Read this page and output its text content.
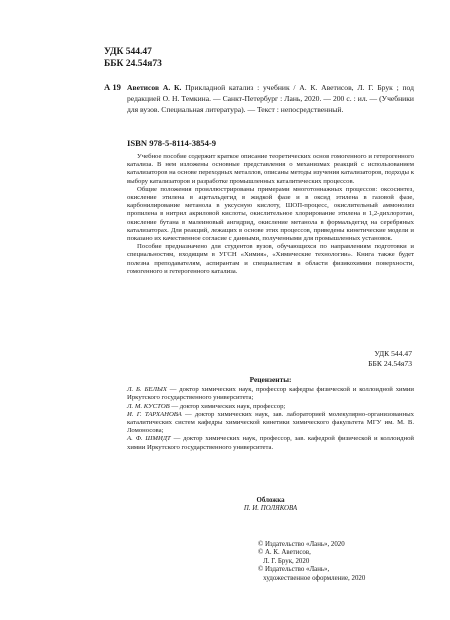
УДК 544.47
ББК 24.54я73
А 19 Аветисов А. К. Прикладной катализ : учебник / А. К. Аветисов, Л. Г. Брук ; под редакцией О. Н. Темкина. — Санкт-Петербург : Лань, 2020. — 200 с. : ил. — (Учебники для вузов. Специальная литература). — Текст : непосредственный.
ISBN 978-5-8114-3854-9

Учебное пособие содержит краткое описание теоретических основ гомогенного и гетерогенного катализа. В нем изложены основные представления о механизмах реакций с использованием катализаторов на основе переходных металлов, описаны методы изучения катализаторов, подходы к выбору катализаторов и разработке промышленных каталитических процессов.

Общие положения проиллюстрированы примерами многотоннажных процессов: оксосинтез, окисление этилена в ацетальдегид в жидкой фазе и в оксид этилена в газовой фазе, карбонилирование метанола в уксусную кислоту, ШОП-процесс, окислительный аммонолиз пропилена в нитрил акриловой кислоты, окислительное хлорирование этилена в 1,2-дихлорэтан, окисление бутана в малеиновый ангидрид, окисление метанола в формальдегид на серебряных катализаторах. Для реакций, лежащих в основе этих процессов, приведены кинетические модели и показано их качественное согласие с данными, полученными для промышленных установок.

Пособие предназначено для студентов вузов, обучающихся по направлениям подготовки и специальностям, входящим в УГСН «Химия», «Химические технологии». Книга также будет полезна преподавателям, аспирантам и специалистам в области физикохимии поверхности, гомогенного и гетерогенного катализа.

УДК 544.47
ББК 24.54я73
Рецензенты:

Л. Б. БЕЛЫХ — доктор химических наук, профессор кафедры физической и коллоидной химии Иркутского государственного университета;

Л. М. КУСТОВ — доктор химических наук, профессор;

И. Г. ТАРХАНОВА — доктор химических наук, зав. лабораторией молекулярно-организованных каталитических систем кафедры химической кинетики химического факультета МГУ им. М. В. Ломоносова;

А. Ф. ШМИДТ — доктор химических наук, профессор, зав. кафедрой физической и коллоидной химии Иркутского государственного университета.

Обложка
П. И. ПОЛЯКОВА
© Издательство «Лань», 2020
© А. К. Аветисов,
Л. Г. Брук, 2020
© Издательство «Лань»,
художественное оформление, 2020
